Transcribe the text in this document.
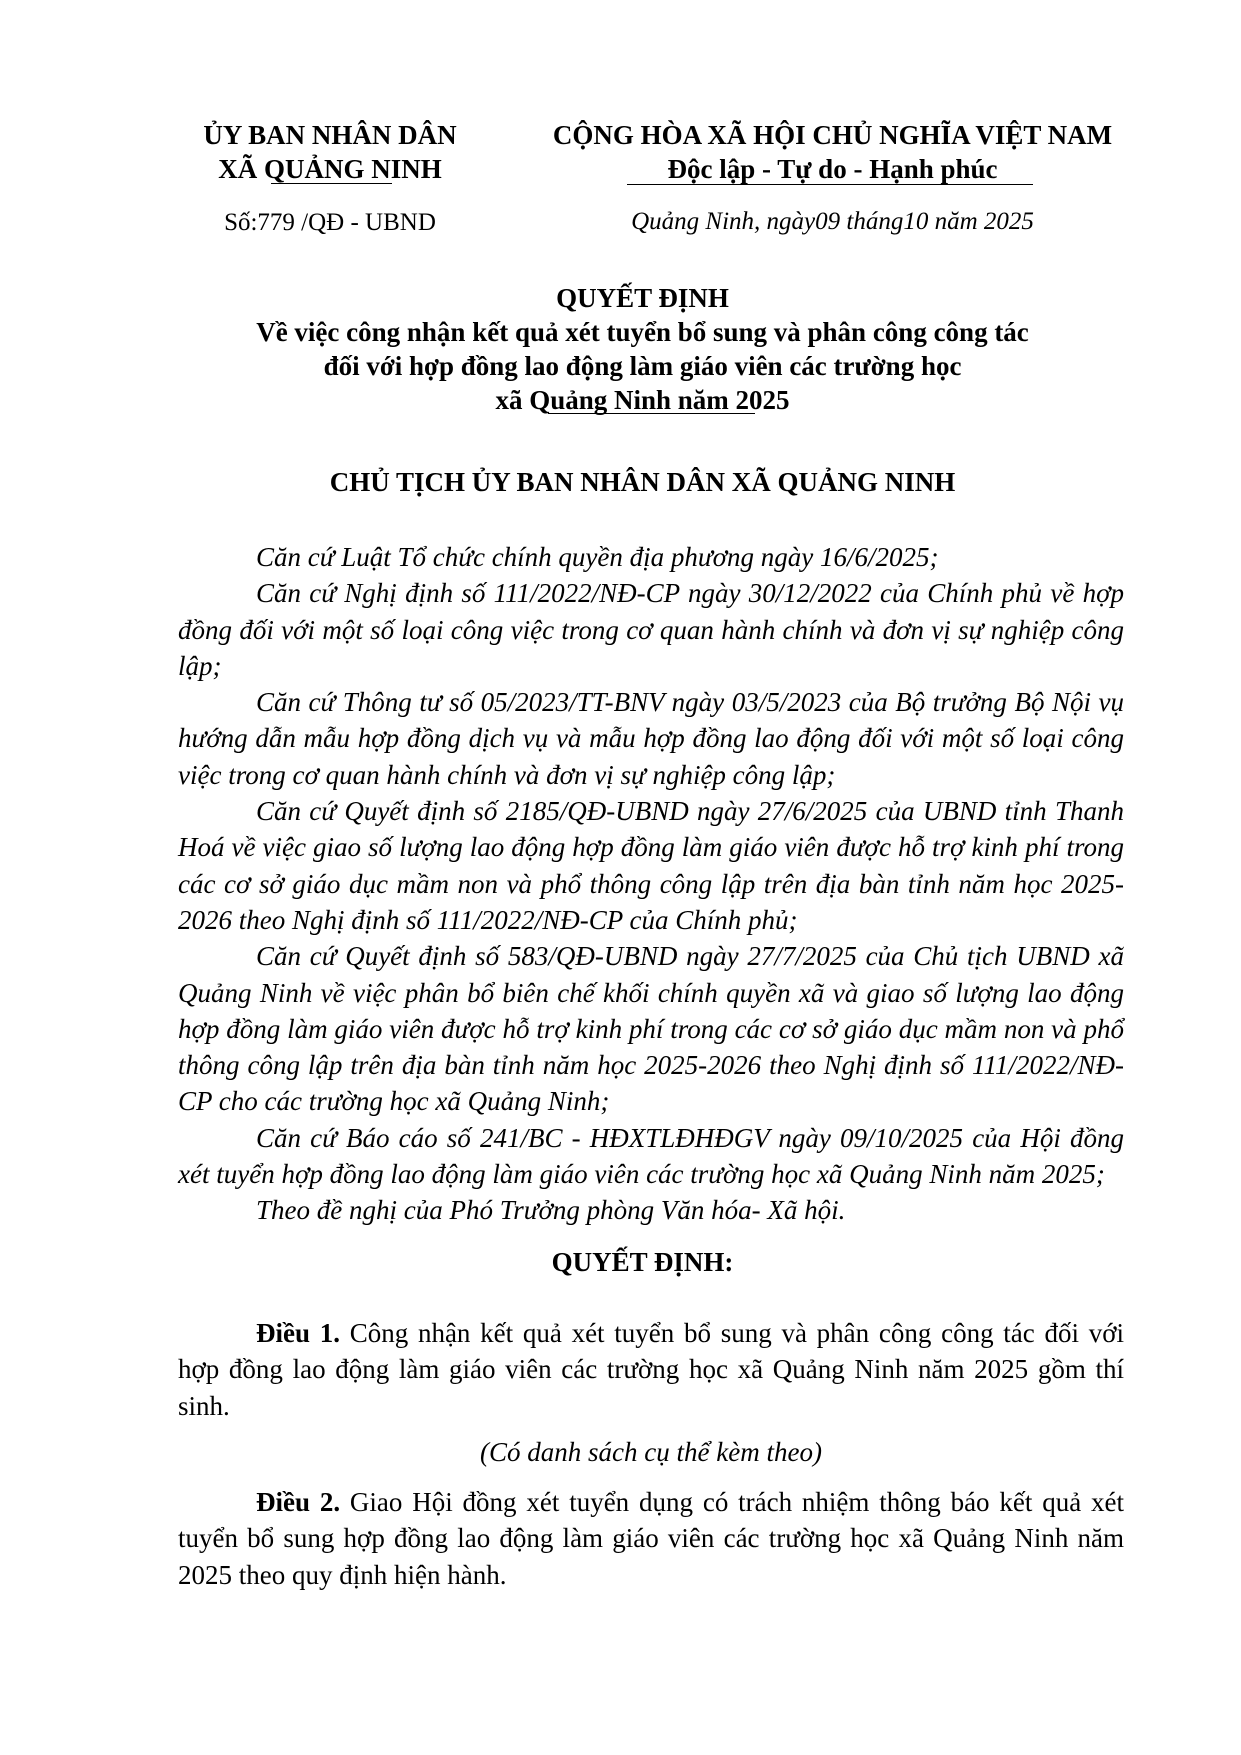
ỦY BAN NHÂN DÂN
XÃ QUẢNG NINH
CỘNG HÒA XÃ HỘI CHỦ NGHĨA VIỆT NAM
Độc lập - Tự do - Hạnh phúc
Số:779 /QĐ - UBND	Quảng Ninh, ngày09 tháng10 năm 2025
QUYẾT ĐỊNH
Về việc công nhận kết quả xét tuyển bổ sung và phân công công tác
đối với hợp đồng lao động làm giáo viên các trường học
xã Quảng Ninh năm 2025
CHỦ TỊCH ỦY BAN NHÂN DÂN XÃ QUẢNG NINH

Căn cứ Luật Tổ chức chính quyền địa phương ngày 16/6/2025;

Căn cứ Nghị định số 111/2022/NĐ-CP ngày 30/12/2022 của Chính phủ về hợp đồng đối với một số loại công việc trong cơ quan hành chính và đơn vị sự nghiệp công lập;

Căn cứ Thông tư số 05/2023/TT-BNV ngày 03/5/2023 của Bộ trưởng Bộ Nội vụ hướng dẫn mẫu hợp đồng dịch vụ và mẫu hợp đồng lao động đối với một số loại công việc trong cơ quan hành chính và đơn vị sự nghiệp công lập;

Căn cứ Quyết định số 2185/QĐ-UBND ngày 27/6/2025 của UBND tỉnh Thanh Hoá về việc giao số lượng lao động hợp đồng làm giáo viên được hỗ trợ kinh phí trong các cơ sở giáo dục mầm non và phổ thông công lập trên địa bàn tỉnh năm học 2025-2026 theo Nghị định số 111/2022/NĐ-CP của Chính phủ;

Căn cứ Quyết định số 583/QĐ-UBND ngày 27/7/2025 của Chủ tịch UBND xã Quảng Ninh về việc phân bổ biên chế khối chính quyền xã và giao số lượng lao động hợp đồng làm giáo viên được hỗ trợ kinh phí trong các cơ sở giáo dục mầm non và phổ thông công lập trên địa bàn tỉnh năm học 2025-2026 theo Nghị định số 111/2022/NĐ-CP cho các trường học xã Quảng Ninh;

Căn cứ Báo cáo số 241/BC - HĐXTLĐHĐGV ngày 09/10/2025 của Hội đồng xét tuyển hợp đồng lao động làm giáo viên các trường học xã Quảng Ninh năm 2025;

Theo đề nghị của Phó Trưởng phòng Văn hóa- Xã hội.

QUYẾT ĐỊNH:

Điều 1. Công nhận kết quả xét tuyển bổ sung và phân công công tác đối với hợp đồng lao động làm giáo viên các trường học xã Quảng Ninh năm 2025 gồm thí sinh.

(Có danh sách cụ thể kèm theo)

Điều 2. Giao Hội đồng xét tuyển dụng có trách nhiệm thông báo kết quả xét tuyển bổ sung hợp đồng lao động làm giáo viên các trường học xã Quảng Ninh năm 2025 theo quy định hiện hành.
